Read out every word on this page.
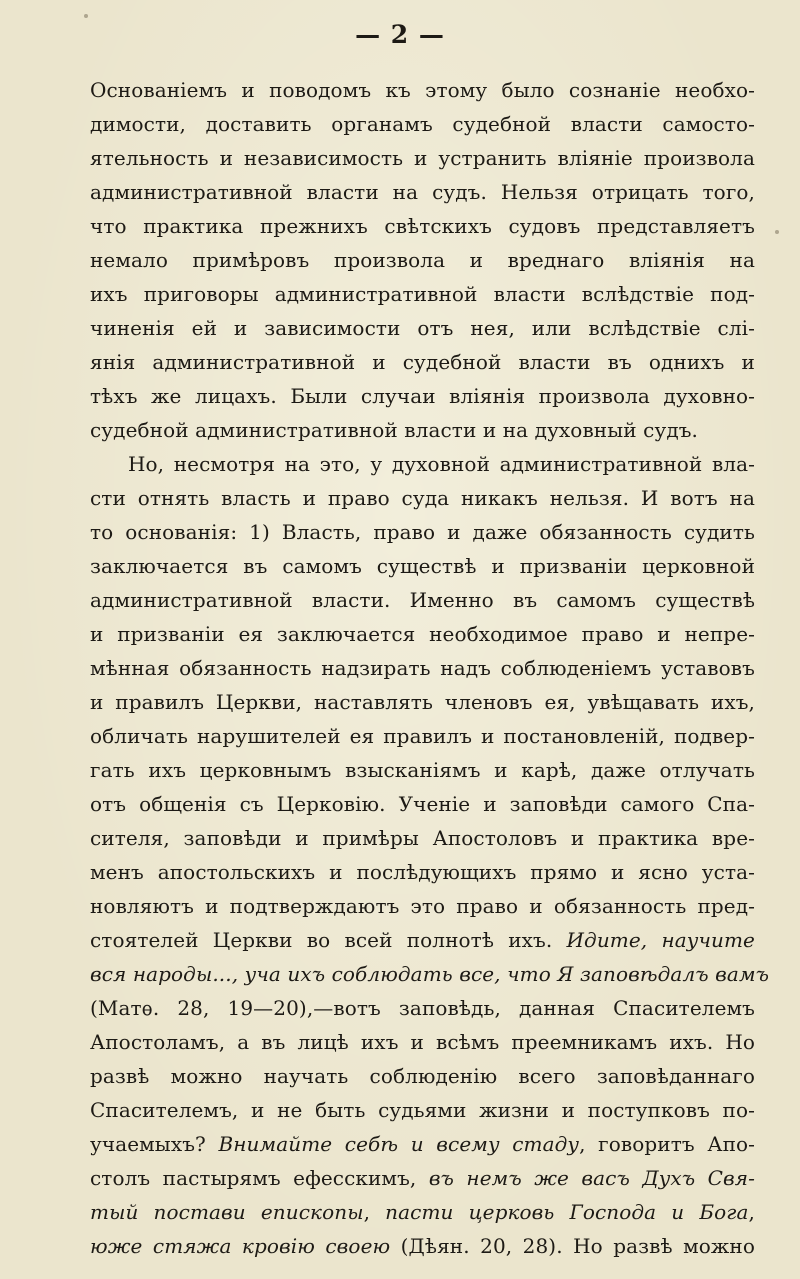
— 2 —
Основаніемъ и поводомъ къ этому было сознаніе необхо-
димости, доставить органамъ судебной власти самосто-
ятельность и независимость и устранить вліяніе произвола
административной власти на судъ. Нельзя отрицать того,
что практика прежнихъ свѣтскихъ судовъ представляетъ
немало примѣровъ произвола и вреднаго вліянія на
ихъ приговоры административной власти вслѣдствіе под-
чиненія ей и зависимости отъ нея, или вслѣдствіе слі-
янія административной и судебной власти въ однихъ и
тѣхъ же лицахъ. Были случаи вліянія произвола духовно-
судебной административной власти и на духовный судъ.
Но, несмотря на это, у духовной административной вла-
сти отнять власть и право суда никакъ нельзя. И вотъ на
то основанія: 1) Власть, право и даже обязанность судить
заключается въ самомъ существѣ и призваніи церковной
административной власти. Именно въ самомъ существѣ
и призваніи ея заключается необходимое право и непре-
мѣнная обязанность надзирать надъ соблюденіемъ уставовъ
и правилъ Церкви, наставлять членовъ ея, увѣщавать ихъ,
обличать нарушителей ея правилъ и постановленій, подвер-
гать ихъ церковнымъ взысканіямъ и карѣ, даже отлучать
отъ общенія съ Церковію. Ученіе и заповѣди самого Спа-
сителя, заповѣди и примѣры Апостоловъ и практика вре-
менъ апостольскихъ и послѣдующихъ прямо и ясно уста-
новляютъ и подтверждаютъ это право и обязанность пред-
стоятелей Церкви во всей полнотѣ ихъ. Идите, научите
вся народы..., уча ихъ соблюдать все, что Я заповѣдалъ вамъ
(Матѳ. 28, 19—20),—вотъ заповѣдь, данная Спасителемъ
Апостоламъ, а въ лицѣ ихъ и всѣмъ преемникамъ ихъ. Но
развѣ можно научать соблюденію всего заповѣданнаго
Спасителемъ, и не быть судьями жизни и поступковъ по-
учаемыхъ? Внимайте себѣ и всему стаду, говоритъ Апо-
столъ пастырямъ ефесскимъ, въ немъ же васъ Духъ Свя-
тый постави епископы, пасти церковь Господа и Бога,
юже стяжа кровію своею (Дѣян. 20, 28). Но развѣ можно
